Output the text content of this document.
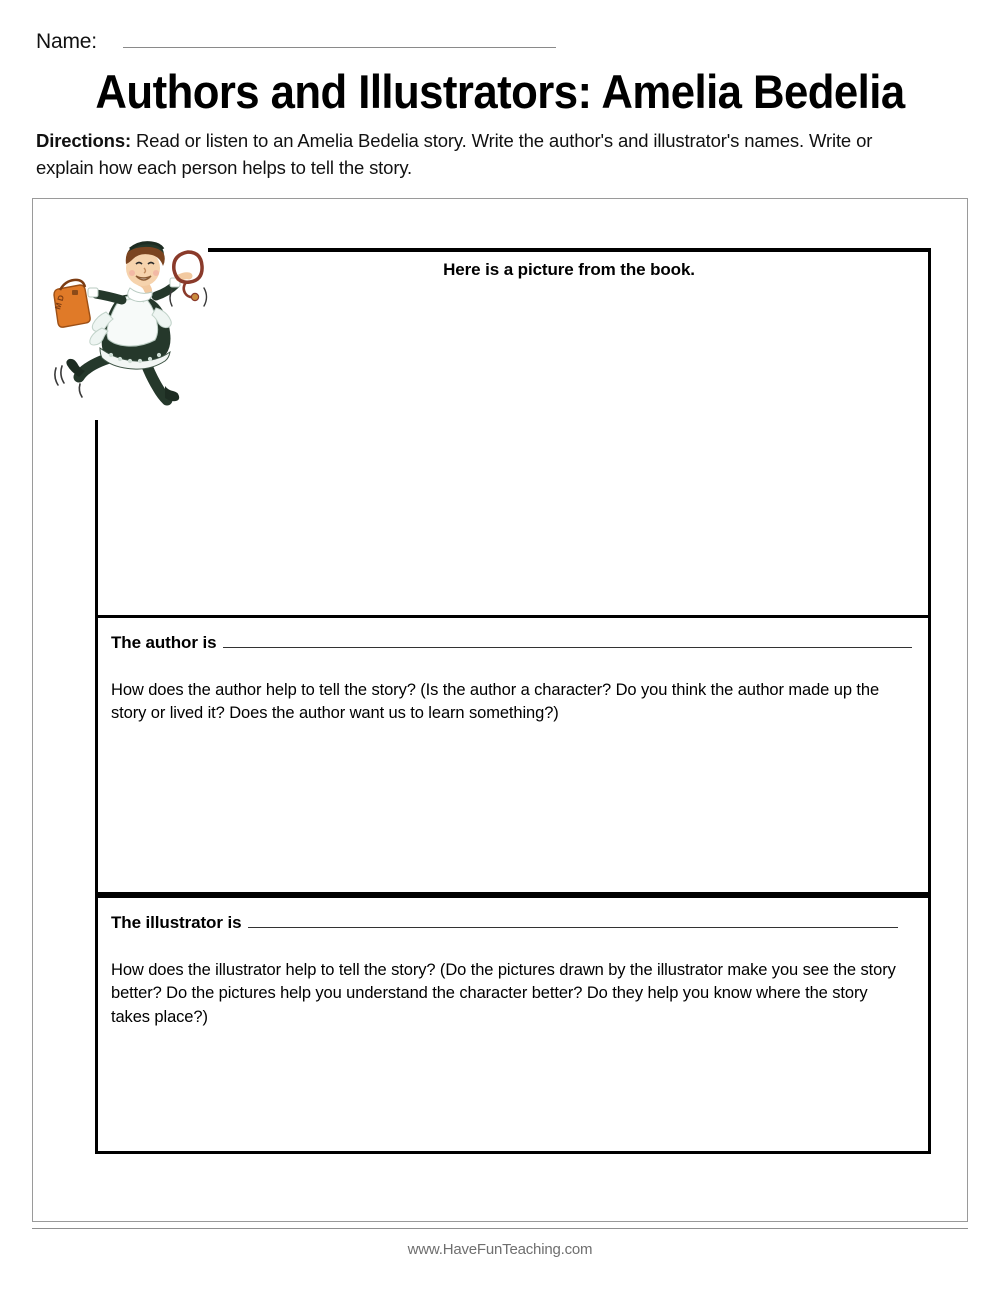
Name:
Authors and Illustrators: Amelia Bedelia
Directions: Read or listen to an Amelia Bedelia story. Write the author's and illustrator's names. Write or explain how each person helps to tell the story.
Here is a picture from the book.
The author is
How does the author help to tell the story? (Is the author a character? Do you think the author made up the story or lived it? Does the author want us to learn something?)
The illustrator is
How does the illustrator help to tell the story? (Do the pictures drawn by the illustrator make you see the story better? Do the pictures help you understand the character better? Do they help you know where the story takes place?)
M D
www.HaveFunTeaching.com
